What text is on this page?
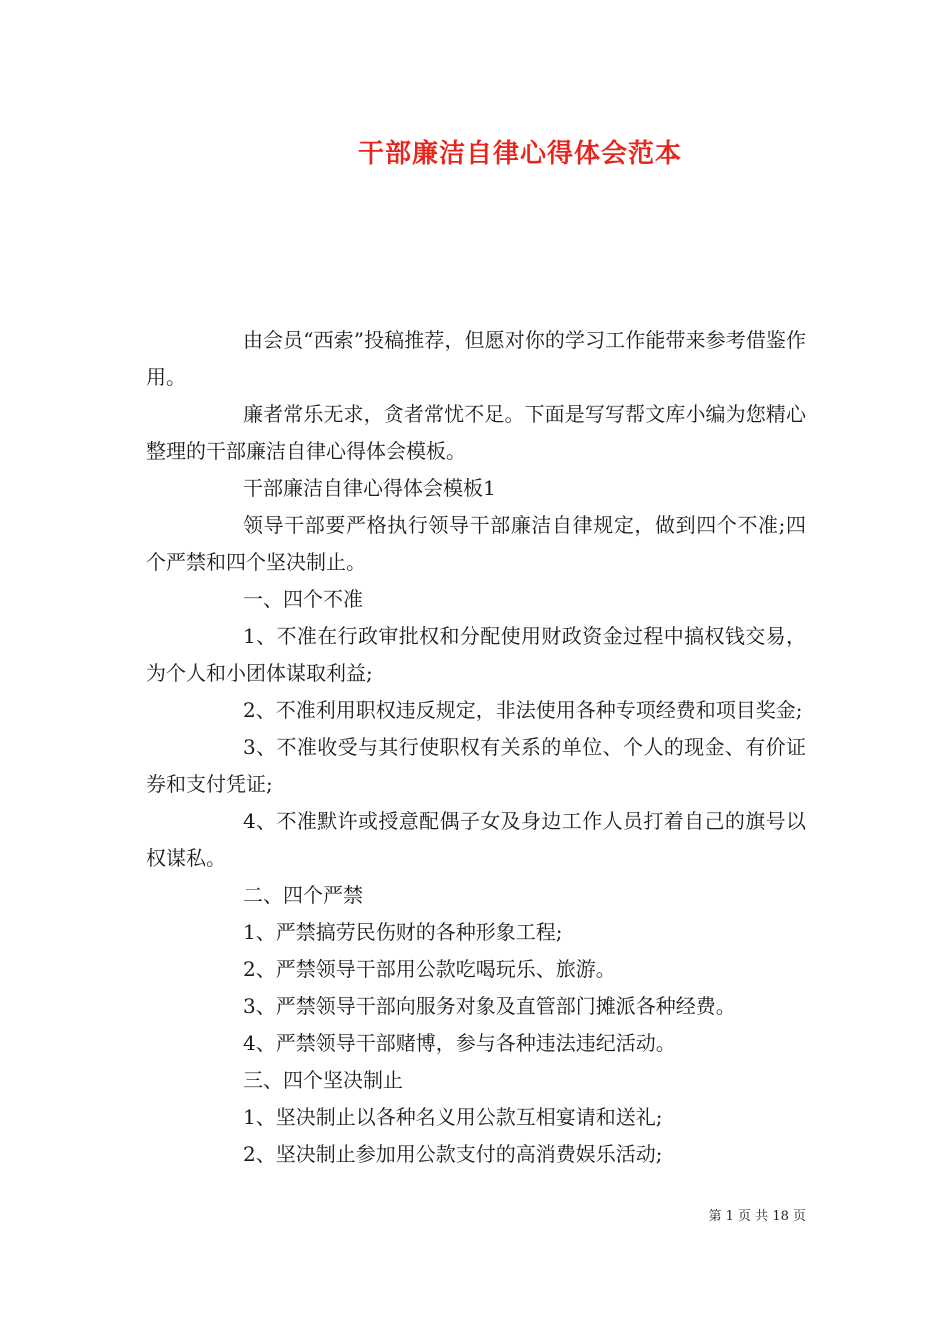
干部廉洁自律心得体会范本

由会员“西索”投稿推荐，但愿对你的学习工作能带来参考借鉴作用。

廉者常乐无求，贪者常忧不足。下面是写写帮文库小编为您精心整理的干部廉洁自律心得体会模板。

干部廉洁自律心得体会模板1

领导干部要严格执行领导干部廉洁自律规定，做到四个不准;四个严禁和四个坚决制止。

一、四个不准

1、不准在行政审批权和分配使用财政资金过程中搞权钱交易，为个人和小团体谋取利益;

2、不准利用职权违反规定，非法使用各种专项经费和项目奖金;

3、不准收受与其行使职权有关系的单位、个人的现金、有价证券和支付凭证;

4、不准默许或授意配偶子女及身边工作人员打着自己的旗号以权谋私。

二、四个严禁

1、严禁搞劳民伤财的各种形象工程;

2、严禁领导干部用公款吃喝玩乐、旅游。

3、严禁领导干部向服务对象及直管部门摊派各种经费。

4、严禁领导干部赌博，参与各种违法违纪活动。

三、四个坚决制止

1、坚决制止以各种名义用公款互相宴请和送礼;

2、坚决制止参加用公款支付的高消费娱乐活动;

第 1 页 共 18 页
